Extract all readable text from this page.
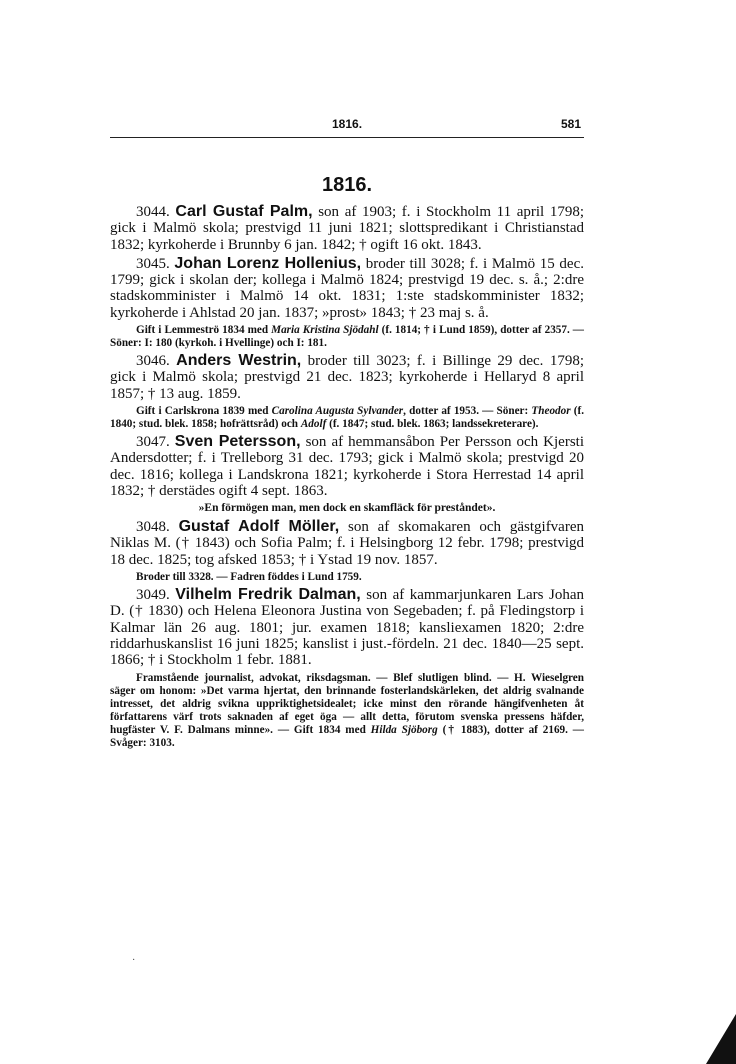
1816.	581
1816.

3044. Carl Gustaf Palm, son af 1903; f. i Stockholm 11 april 1798; gick i Malmö skola; prestvigd 11 juni 1821; slottspredikant i Christianstad 1832; kyrkoherde i Brunnby 6 jan. 1842; † ogift 16 okt. 1843.

3045. Johan Lorenz Hollenius, broder till 3028; f. i Malmö 15 dec. 1799; gick i skolan der; kollega i Malmö 1824; prestvigd 19 dec. s. å.; 2:dre stadskomminister i Malmö 14 okt. 1831; 1:ste stadskomminister 1832; kyrkoherde i Ahlstad 20 jan. 1837; »prost» 1843; † 23 maj s. å.

Gift i Lemmeströ 1834 med Maria Kristina Sjödahl (f. 1814; † i Lund 1859), dotter af 2357. — Söner: I: 180 (kyrkoh. i Hvellinge) och I: 181.

3046. Anders Westrin, broder till 3023; f. i Billinge 29 dec. 1798; gick i Malmö skola; prestvigd 21 dec. 1823; kyrkoherde i Hellaryd 8 april 1857; † 13 aug. 1859.

Gift i Carlskrona 1839 med Carolina Augusta Sylvander, dotter af 1953. — Söner: Theodor (f. 1840; stud. blek. 1858; hofrättsråd) och Adolf (f. 1847; stud. blek. 1863; landssekreterare).

3047. Sven Petersson, son af hemmansåbon Per Persson och Kjersti Andersdotter; f. i Trelleborg 31 dec. 1793; gick i Malmö skola; prestvigd 20 dec. 1816; kollega i Landskrona 1821; kyrkoherde i Stora Herrestad 14 april 1832; † derstädes ogift 4 sept. 1863.

»En förmögen man, men dock en skamfläck för preståndet».

3048. Gustaf Adolf Möller, son af skomakaren och gästgifvaren Niklas M. († 1843) och Sofia Palm; f. i Helsingborg 12 febr. 1798; prestvigd 18 dec. 1825; tog afsked 1853; † i Ystad 19 nov. 1857.

Broder till 3328. — Fadren föddes i Lund 1759.

3049. Vilhelm Fredrik Dalman, son af kammarjunkaren Lars Johan D. († 1830) och Helena Eleonora Justina von Segebaden; f. på Fledingstorp i Kalmar län 26 aug. 1801; jur. examen 1818; kansliexamen 1820; 2:dre riddarhuskanslist 16 juni 1825; kanslist i just.-fördeln. 21 dec. 1840—25 sept. 1866; † i Stockholm 1 febr. 1881.

Framstående journalist, advokat, riksdagsman. — Blef slutligen blind. — H. Wieselgren säger om honom: »Det varma hjertat, den brinnande fosterlandskärleken, det aldrig svalnande intresset, det aldrig svikna uppriktighetsidealet; icke minst den rörande hängifvenheten åt författarens värf trots saknaden af eget öga — allt detta, förutom svenska pressens häfder, hugfäster V. F. Dalmans minne». — Gift 1834 med Hilda Sjöborg († 1883), dotter af 2169. — Svåger: 3103.

·
